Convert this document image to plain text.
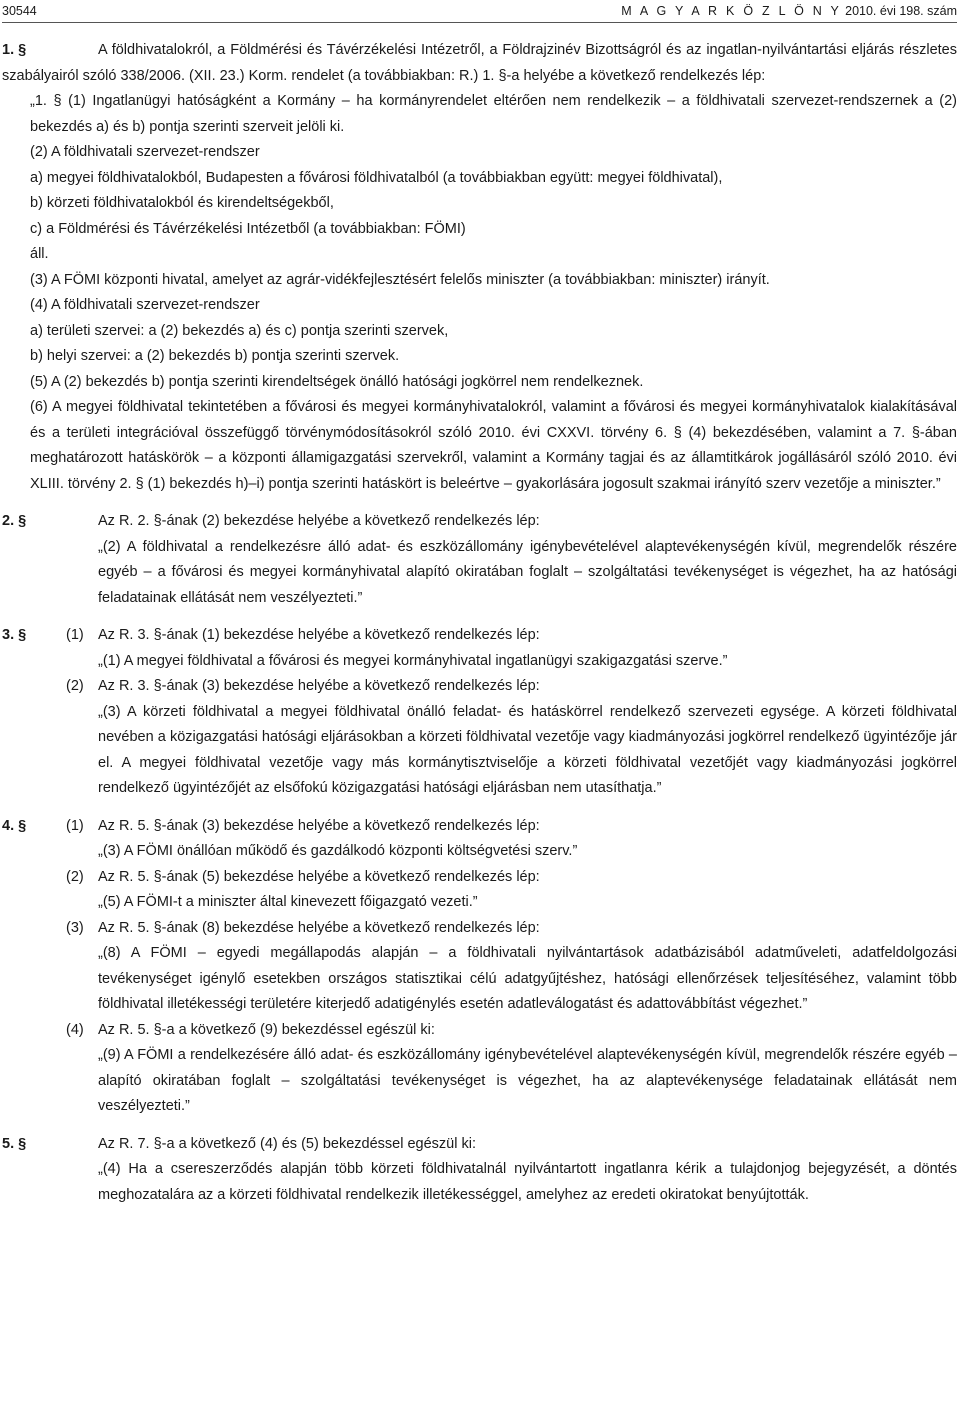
30544	M A G Y A R K Ö Z L Ö N Y 2010. évi 198. szám

1. §	A földhivatalokról, a Földmérési és Távérzékelési Intézetről, a Földrajzinév Bizottságról és az ingatlan-nyilvántartási eljárás részletes szabályairól szóló 338/2006. (XII. 23.) Korm. rendelet (a továbbiakban: R.) 1. §-a helyébe a következő rendelkezés lép:

„1. § (1) Ingatlanügyi hatóságként a Kormány – ha kormányrendelet eltérően nem rendelkezik – a földhivatali szervezet-rendszernek a (2) bekezdés a) és b) pontja szerinti szerveit jelöli ki.

(2) A földhivatali szervezet-rendszer

a) megyei földhivatalokból, Budapesten a fővárosi földhivatalból (a továbbiakban együtt: megyei földhivatal),

b) körzeti földhivatalokból és kirendeltségekből,

c) a Földmérési és Távérzékelési Intézetből (a továbbiakban: FÖMI)

áll.

(3) A FÖMI központi hivatal, amelyet az agrár-vidékfejlesztésért felelős miniszter (a továbbiakban: miniszter) irányít.

(4) A földhivatali szervezet-rendszer

a) területi szervei: a (2) bekezdés a) és c) pontja szerinti szervek,

b) helyi szervei: a (2) bekezdés b) pontja szerinti szervek.

(5) A (2) bekezdés b) pontja szerinti kirendeltségek önálló hatósági jogkörrel nem rendelkeznek.

(6) A megyei földhivatal tekintetében a fővárosi és megyei kormányhivatalokról, valamint a fővárosi és megyei kormányhivatalok kialakításával és a területi integrációval összefüggő törvénymódosításokról szóló 2010. évi CXXVI. törvény 6. § (4) bekezdésében, valamint a 7. §-ában meghatározott hatáskörök – a központi államigazgatási szervekről, valamint a Kormány tagjai és az államtitkárok jogállásáról szóló 2010. évi XLIII. törvény 2. § (1) bekezdés h)–i) pontja szerinti hatáskört is beleértve – gyakorlására jogosult szakmai irányító szerv vezetője a miniszter.”

2. §	Az R. 2. §-ának (2) bekezdése helyébe a következő rendelkezés lép:

„(2) A földhivatal a rendelkezésre álló adat- és eszközállomány igénybevételével alaptevékenységén kívül, megrendelők részére egyéb – a fővárosi és megyei kormányhivatal alapító okiratában foglalt – szolgáltatási tevékenységet is végezhet, ha az hatósági feladatainak ellátását nem veszélyezteti.”

3. §	(1) Az R. 3. §-ának (1) bekezdése helyébe a következő rendelkezés lép:

„(1) A megyei földhivatal a fővárosi és megyei kormányhivatal ingatlanügyi szakigazgatási szerve.”

(2) Az R. 3. §-ának (3) bekezdése helyébe a következő rendelkezés lép:

„(3) A körzeti földhivatal a megyei földhivatal önálló feladat- és hatáskörrel rendelkező szervezeti egysége. A körzeti földhivatal nevében a közigazgatási hatósági eljárásokban a körzeti földhivatal vezetője vagy kiadmányozási jogkörrel rendelkező ügyintézője jár el. A megyei földhivatal vezetője vagy más kormánytisztviselője a körzeti földhivatal vezetőjét vagy kiadmányozási jogkörrel rendelkező ügyintézőjét az elsőfokú közigazgatási hatósági eljárásban nem utasíthatja.”

4. §	(1) Az R. 5. §-ának (3) bekezdése helyébe a következő rendelkezés lép:

„(3) A FÖMI önállóan működő és gazdálkodó központi költségvetési szerv.”

(2) Az R. 5. §-ának (5) bekezdése helyébe a következő rendelkezés lép:

„(5) A FÖMI-t a miniszter által kinevezett főigazgató vezeti.”

(3) Az R. 5. §-ának (8) bekezdése helyébe a következő rendelkezés lép:

„(8) A FÖMI – egyedi megállapodás alapján – a földhivatali nyilvántartások adatbázisából adatműveleti, adatfeldolgozási tevékenységet igénylő esetekben országos statisztikai célú adatgyűjtéshez, hatósági ellenőrzések teljesítéséhez, valamint több földhivatal illetékességi területére kiterjedő adatigénylés esetén adatleválogatást és adattovábbítást végezhet.”

(4) Az R. 5. §-a a következő (9) bekezdéssel egészül ki:

„(9) A FÖMI a rendelkezésére álló adat- és eszközállomány igénybevételével alaptevékenységén kívül, megrendelők részére egyéb – alapító okiratában foglalt – szolgáltatási tevékenységet is végezhet, ha az alaptevékenysége feladatainak ellátását nem veszélyezteti.”

5. §	Az R. 7. §-a a következő (4) és (5) bekezdéssel egészül ki:

„(4) Ha a csereszerződés alapján több körzeti földhivatalnál nyilvántartott ingatlanra kérik a tulajdonjog bejegyzését, a döntés meghozatalára az a körzeti földhivatal rendelkezik illetékességgel, amelyhez az eredeti okiratokat benyújtották.
